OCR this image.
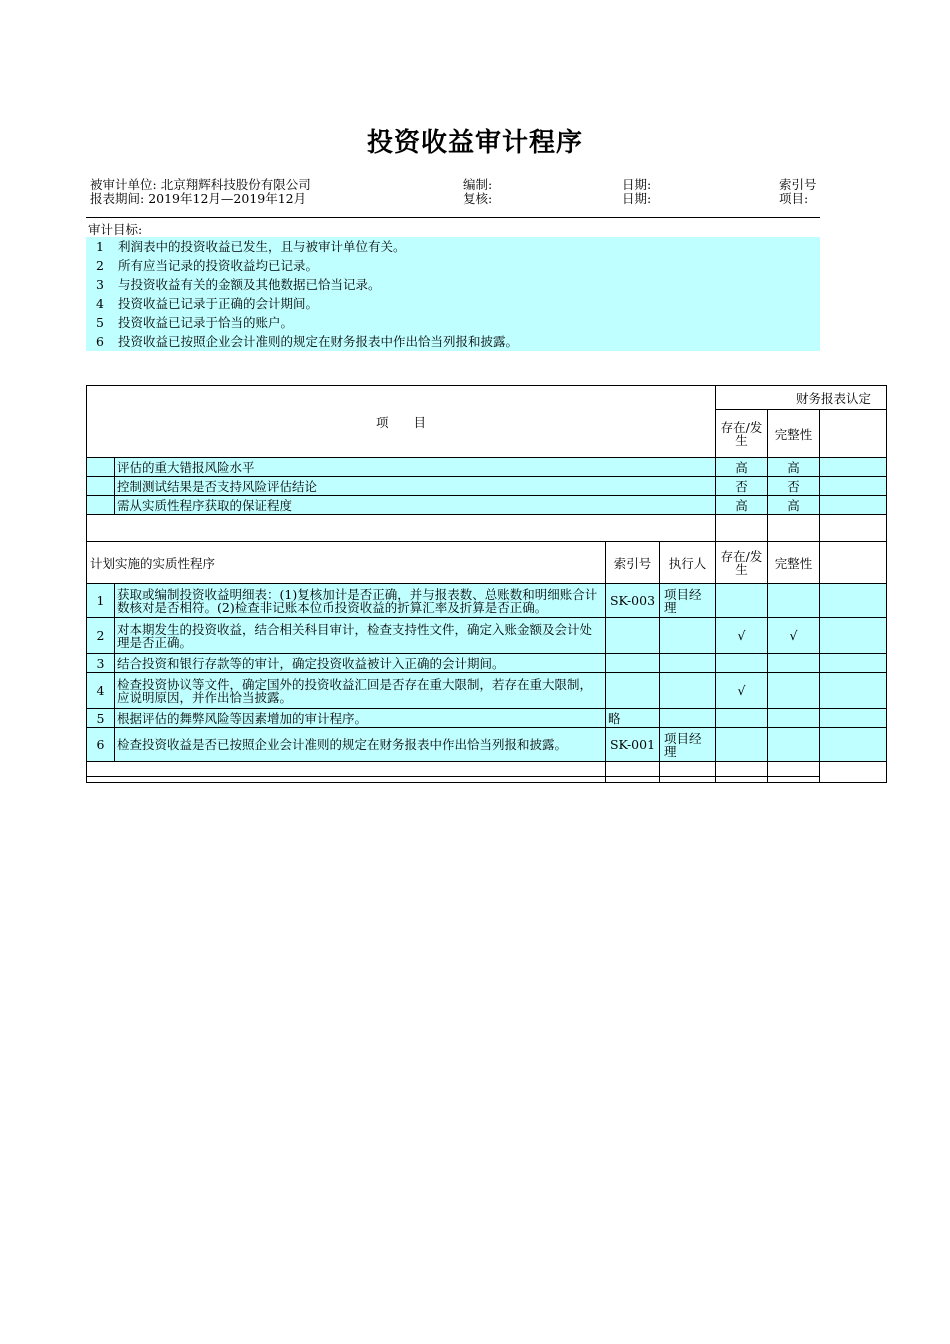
投资收益审计程序
被审计单位: 北京翔辉科技股份有限公司
报表期间: 2019年12月—2019年12月
编制:
复核:
日期:
日期:
索引号
项目:
审计目标:
1	利润表中的投资收益已发生，且与被审计单位有关。
2	所有应当记录的投资收益均已记录。
3	与投资收益有关的金额及其他数据已恰当记录。
4	投资收益已记录于正确的会计期间。
5	投资收益已记录于恰当的账户。
6	投资收益已按照企业会计准则的规定在财务报表中作出恰当列报和披露。
项　　目				财务报表认定		
				存在/发生	完整性	

	评估的重大错报风险水平			高	高	
	控制测试结果是否支持风险评估结论			否	否	
	需从实质性程序获取的保证程度			高	高	

计划实施的实质性程序		索引号	执行人	存在/发生	完整性	
1	获取或编制投资收益明细表：(1)复核加计是否正确，并与报表数、总账数和明细账合计数核对是否相符。(2)检查非记账本位币投资收益的折算汇率及折算是否正确。	SK-003	项目经理			
2	对本期发生的投资收益，结合相关科目审计，检查支持性文件，确定入账金额及会计处理是否正确。			√	√	
3	结合投资和银行存款等的审计，确定投资收益被计入正确的会计期间。					
4	检查投资协议等文件，确定国外的投资收益汇回是否存在重大限制，若存在重大限制，应说明原因，并作出恰当披露。			√		
5	根据评估的舞弊风险等因素增加的审计程序。	略				
6	检查投资收益是否已按照企业会计准则的规定在财务报表中作出恰当列报和披露。	SK-001	项目经理			
